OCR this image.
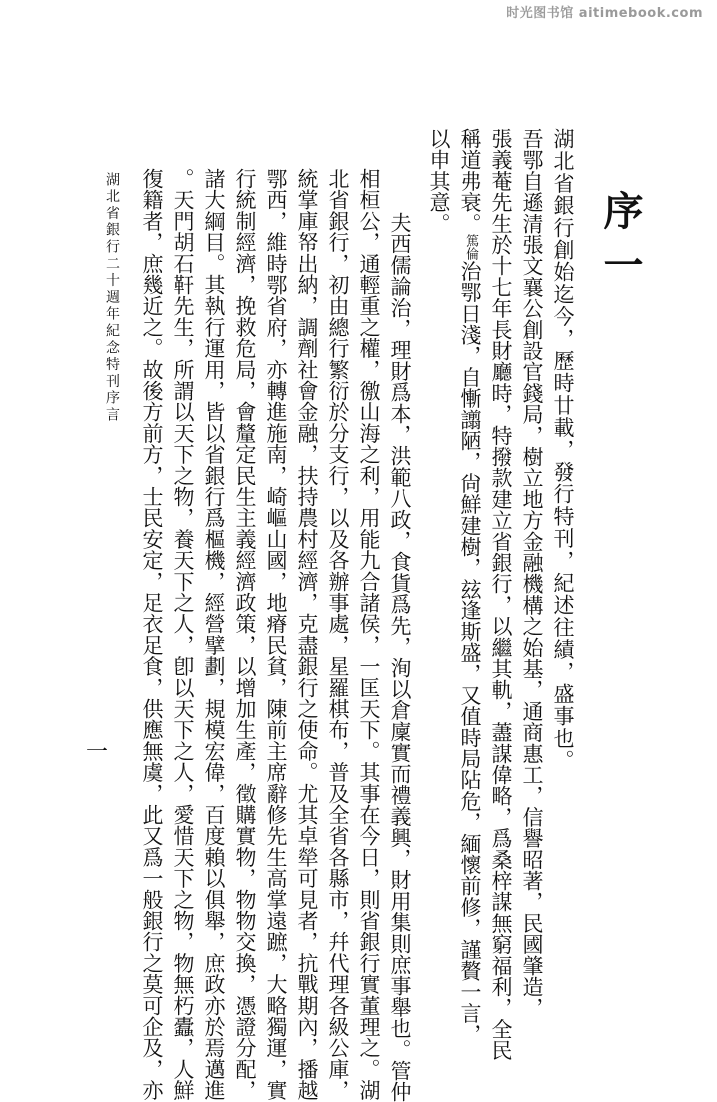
时光图书馆 aitimebook.com
序一
湖北省銀行創始迄今，歷時廿載，發行特刊，紀述往績，盛事也。
吾鄂自遜清張文襄公創設官錢局，樹立地方金融機構之始基，通商惠工，信譽昭著，民國肇造，
張義菴先生於十七年長財廳時，特撥款建立省銀行，以繼其軌，藎謀偉略，爲桑梓謀無窮福利，全民
稱道弗衰。篤倫治鄂日淺，自慚譾陋，尙鮮建樹，玆逢斯盛，又值時局阽危，緬懷前修，謹贅一言，
以申其意。
夫西儒論治，理財爲本，洪範八政，食貨爲先，洵以倉廩實而禮義興，財用集則庶事舉也。管仲
相桓公，通輕重之權，徼山海之利，用能九合諸侯，一匡天下。其事在今日，則省銀行實董理之。湖
北省銀行，初由總行繁衍於分支行，以及各辦事處，星羅棋布，普及全省各縣市，幷代理各級公庫，
統掌庫帑出納，調劑社會金融，扶持農村經濟，克盡銀行之使命。尤其卓犖可見者，抗戰期內，播越
鄂西，維時鄂省府，亦轉進施南，崎嶇山國，地瘠民貧，陳前主席辭修先生高掌遠蹠，大略獨運，實
行統制經濟，挽救危局，會釐定民生主義經濟政策，以增加生產，徵購實物，物物交換，憑證分配，
諸大綱目。其執行運用，皆以省銀行爲樞機，經營擘劃，規模宏偉，百度賴以俱舉，庶政亦於焉邁進
。天門胡石靬先生，所謂以天下之物，養天下之人，卽以天下之人，愛惜天下之物，物無朽蠹，人鮮
復籍者，庶幾近之。故後方前方，士民安定，足衣足食，供應無虞，此又爲一般銀行之莫可企及，亦
湖北省銀行二十週年紀念特刊序言
一
